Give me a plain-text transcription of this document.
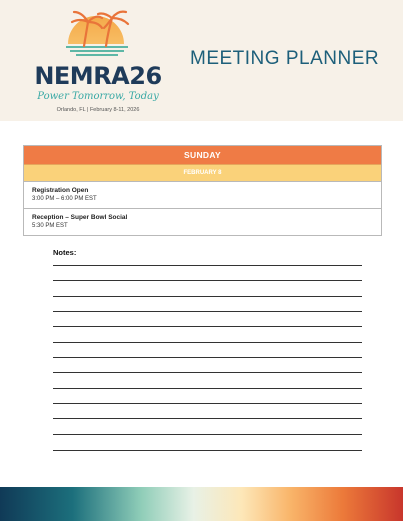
NEMRA26
Power Tomorrow, Today
Orlando, FL | February 8-11, 2026
MEETING PLANNER
SUNDAY
FEBRUARY 8
Registration Open
3:00 PM – 6:00 PM EST
Reception – Super Bowl Social
5:30 PM EST
Notes:
